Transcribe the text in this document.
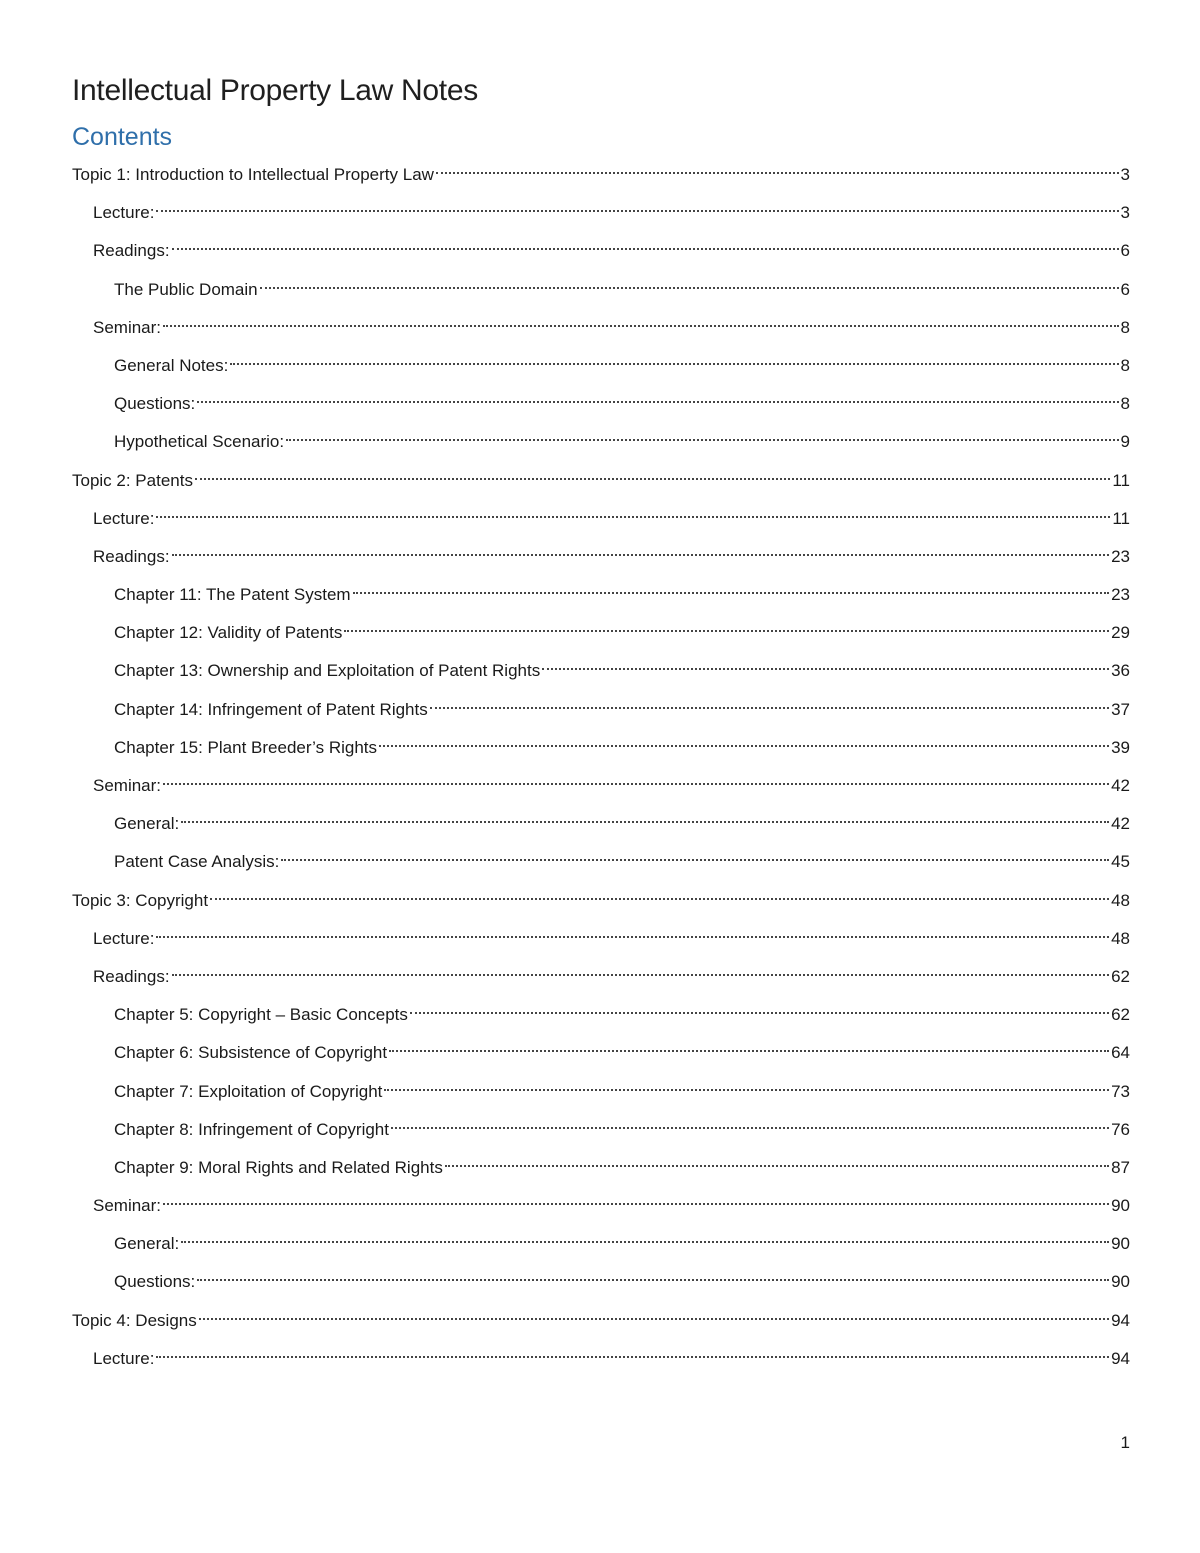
Intellectual Property Law Notes
Contents
Topic 1: Introduction to Intellectual Property Law	3
Lecture:	3
Readings:	6
The Public Domain	6
Seminar:	8
General Notes:	8
Questions:	8
Hypothetical Scenario:	9
Topic 2: Patents	11
Lecture:	11
Readings:	23
Chapter 11: The Patent System	23
Chapter 12: Validity of Patents	29
Chapter 13: Ownership and Exploitation of Patent Rights	36
Chapter 14: Infringement of Patent Rights	37
Chapter 15: Plant Breeder’s Rights	39
Seminar:	42
General:	42
Patent Case Analysis:	45
Topic 3: Copyright	48
Lecture:	48
Readings:	62
Chapter 5: Copyright – Basic Concepts	62
Chapter 6: Subsistence of Copyright	64
Chapter 7: Exploitation of Copyright	73
Chapter 8: Infringement of Copyright	76
Chapter 9: Moral Rights and Related Rights	87
Seminar:	90
General:	90
Questions:	90
Topic 4: Designs	94
Lecture:	94
1
